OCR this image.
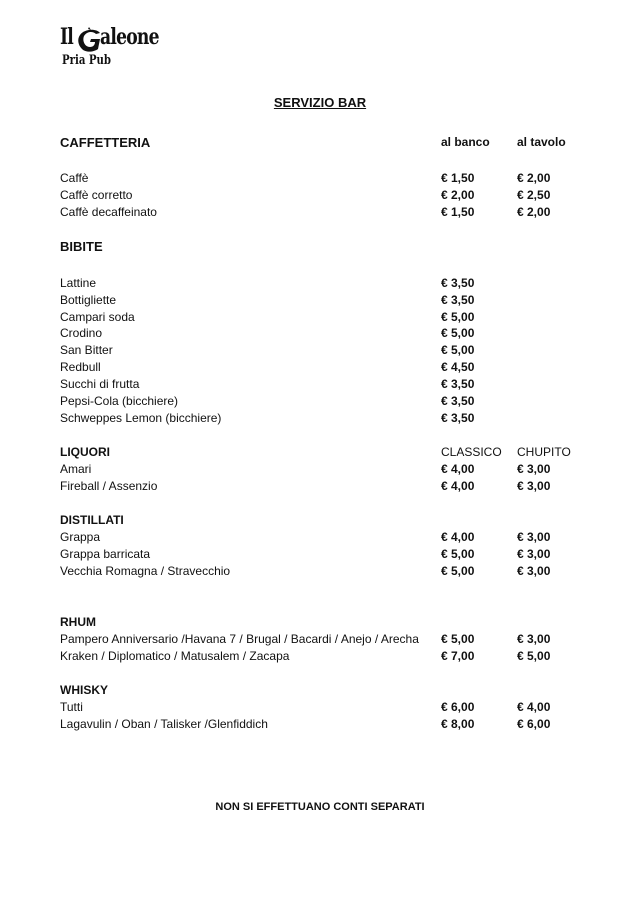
Il aleone
Pria Pub
SERVIZIO BAR
CAFFETTERIA	al banco al tavolo
Caffè	€ 1,50	€ 2,00
Caffè corretto	€ 2,00	€ 2,50
Caffè decaffeinato	€ 1,50	€ 2,00
BIBITE
Lattine	€ 3,50
Bottigliette	€ 3,50
Campari soda	€ 5,00
Crodino	€ 5,00
San Bitter	€ 5,00
Redbull	€ 4,50
Succhi di frutta	€ 3,50
Pepsi-Cola (bicchiere)	€ 3,50
Schweppes Lemon (bicchiere)	€ 3,50
LIQUORI	CLASSICO CHUPITO
Amari	€ 4,00	€ 3,00
Fireball / Assenzio	€ 4,00	€ 3,00
DISTILLATI
Grappa	€ 4,00	€ 3,00
Grappa barricata	€ 5,00	€ 3,00
Vecchia Romagna / Stravecchio	€ 5,00	€ 3,00
RHUM
Pampero Anniversario /Havana 7 / Brugal / Bacardi / Anejo / Arecha € 5,00	€ 3,00
Kraken / Diplomatico / Matusalem / Zacapa	€ 7,00	€ 5,00
WHISKY
Tutti	€ 6,00	€ 4,00
Lagavulin / Oban / Talisker /Glenfiddich	€ 8,00	€ 6,00
NON SI EFFETTUANO CONTI SEPARATI
